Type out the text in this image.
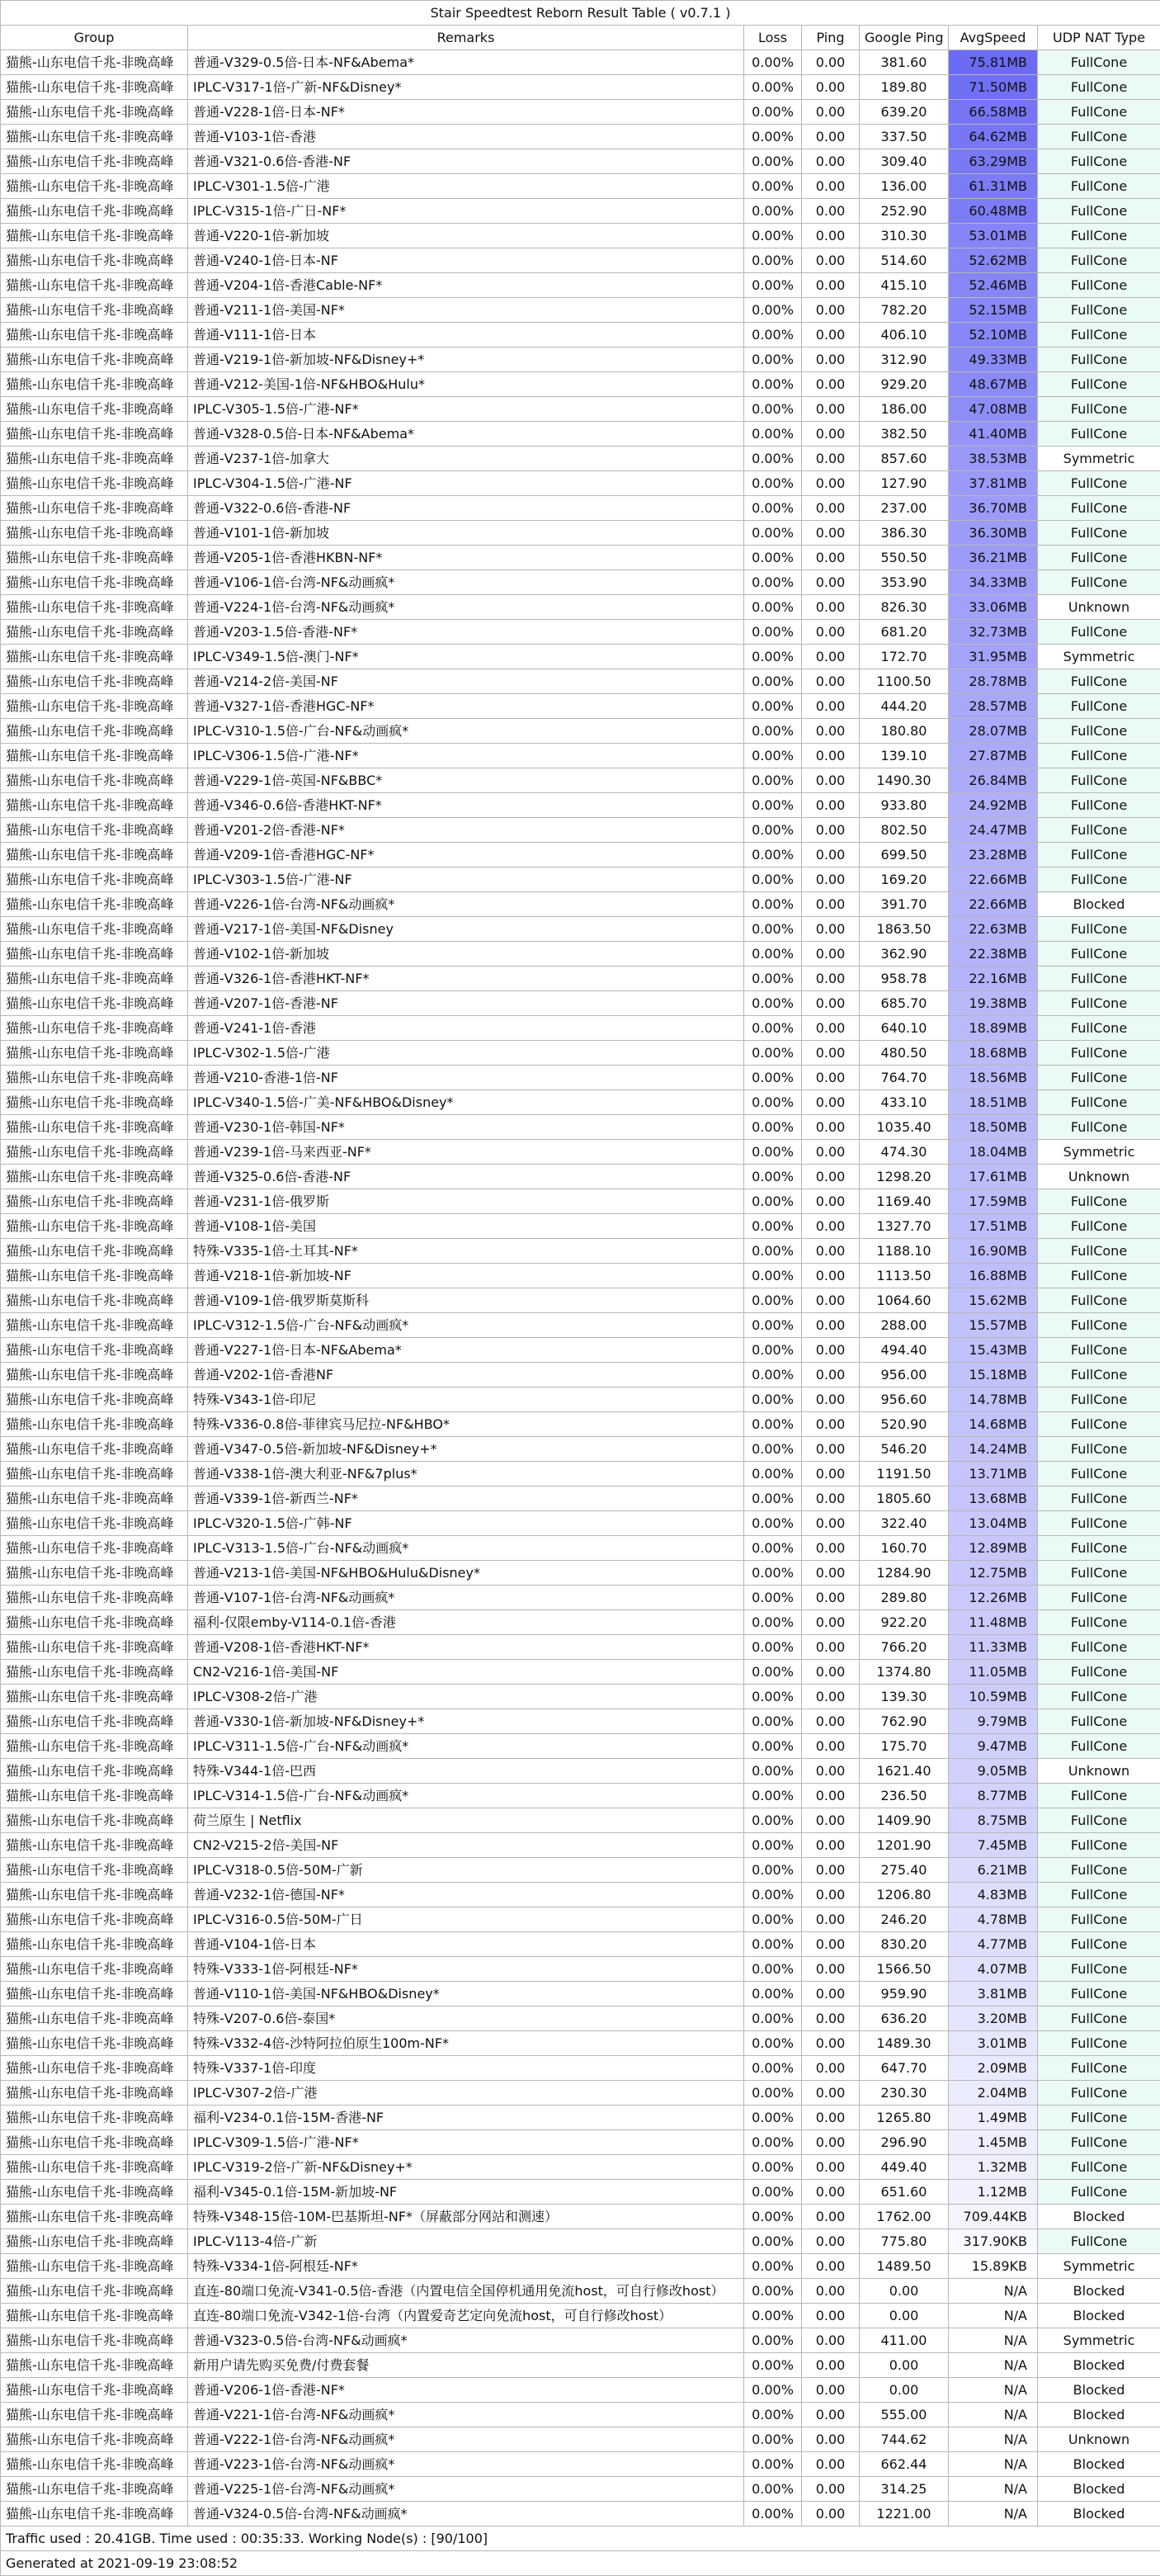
Stair Speedtest Reborn Result Table ( v0.7.1 )						
Group	Remarks	Loss	Ping	Google Ping	AvgSpeed	UDP NAT Type
猫熊-山东电信千兆-非晚高峰	普通-V329-0.5倍-日本-NF&Abema*	0.00%	0.00	381.60	75.81MB	FullCone
猫熊-山东电信千兆-非晚高峰	IPLC-V317-1倍-广新-NF&Disney*	0.00%	0.00	189.80	71.50MB	FullCone
猫熊-山东电信千兆-非晚高峰	普通-V228-1倍-日本-NF*	0.00%	0.00	639.20	66.58MB	FullCone
猫熊-山东电信千兆-非晚高峰	普通-V103-1倍-香港	0.00%	0.00	337.50	64.62MB	FullCone
猫熊-山东电信千兆-非晚高峰	普通-V321-0.6倍-香港-NF	0.00%	0.00	309.40	63.29MB	FullCone
猫熊-山东电信千兆-非晚高峰	IPLC-V301-1.5倍-广港	0.00%	0.00	136.00	61.31MB	FullCone
猫熊-山东电信千兆-非晚高峰	IPLC-V315-1倍-广日-NF*	0.00%	0.00	252.90	60.48MB	FullCone
猫熊-山东电信千兆-非晚高峰	普通-V220-1倍-新加坡	0.00%	0.00	310.30	53.01MB	FullCone
猫熊-山东电信千兆-非晚高峰	普通-V240-1倍-日本-NF	0.00%	0.00	514.60	52.62MB	FullCone
猫熊-山东电信千兆-非晚高峰	普通-V204-1倍-香港Cable-NF*	0.00%	0.00	415.10	52.46MB	FullCone
猫熊-山东电信千兆-非晚高峰	普通-V211-1倍-美国-NF*	0.00%	0.00	782.20	52.15MB	FullCone
猫熊-山东电信千兆-非晚高峰	普通-V111-1倍-日本	0.00%	0.00	406.10	52.10MB	FullCone
猫熊-山东电信千兆-非晚高峰	普通-V219-1倍-新加坡-NF&Disney+*	0.00%	0.00	312.90	49.33MB	FullCone
猫熊-山东电信千兆-非晚高峰	普通-V212-美国-1倍-NF&HBO&Hulu*	0.00%	0.00	929.20	48.67MB	FullCone
猫熊-山东电信千兆-非晚高峰	IPLC-V305-1.5倍-广港-NF*	0.00%	0.00	186.00	47.08MB	FullCone
猫熊-山东电信千兆-非晚高峰	普通-V328-0.5倍-日本-NF&Abema*	0.00%	0.00	382.50	41.40MB	FullCone
猫熊-山东电信千兆-非晚高峰	普通-V237-1倍-加拿大	0.00%	0.00	857.60	38.53MB	Symmetric
猫熊-山东电信千兆-非晚高峰	IPLC-V304-1.5倍-广港-NF	0.00%	0.00	127.90	37.81MB	FullCone
猫熊-山东电信千兆-非晚高峰	普通-V322-0.6倍-香港-NF	0.00%	0.00	237.00	36.70MB	FullCone
猫熊-山东电信千兆-非晚高峰	普通-V101-1倍-新加坡	0.00%	0.00	386.30	36.30MB	FullCone
猫熊-山东电信千兆-非晚高峰	普通-V205-1倍-香港HKBN-NF*	0.00%	0.00	550.50	36.21MB	FullCone
猫熊-山东电信千兆-非晚高峰	普通-V106-1倍-台湾-NF&动画疯*	0.00%	0.00	353.90	34.33MB	FullCone
猫熊-山东电信千兆-非晚高峰	普通-V224-1倍-台湾-NF&动画疯*	0.00%	0.00	826.30	33.06MB	Unknown
猫熊-山东电信千兆-非晚高峰	普通-V203-1.5倍-香港-NF*	0.00%	0.00	681.20	32.73MB	FullCone
猫熊-山东电信千兆-非晚高峰	IPLC-V349-1.5倍-澳门-NF*	0.00%	0.00	172.70	31.95MB	Symmetric
猫熊-山东电信千兆-非晚高峰	普通-V214-2倍-美国-NF	0.00%	0.00	1100.50	28.78MB	FullCone
猫熊-山东电信千兆-非晚高峰	普通-V327-1倍-香港HGC-NF*	0.00%	0.00	444.20	28.57MB	FullCone
猫熊-山东电信千兆-非晚高峰	IPLC-V310-1.5倍-广台-NF&动画疯*	0.00%	0.00	180.80	28.07MB	FullCone
猫熊-山东电信千兆-非晚高峰	IPLC-V306-1.5倍-广港-NF*	0.00%	0.00	139.10	27.87MB	FullCone
猫熊-山东电信千兆-非晚高峰	普通-V229-1倍-英国-NF&BBC*	0.00%	0.00	1490.30	26.84MB	FullCone
猫熊-山东电信千兆-非晚高峰	普通-V346-0.6倍-香港HKT-NF*	0.00%	0.00	933.80	24.92MB	FullCone
猫熊-山东电信千兆-非晚高峰	普通-V201-2倍-香港-NF*	0.00%	0.00	802.50	24.47MB	FullCone
猫熊-山东电信千兆-非晚高峰	普通-V209-1倍-香港HGC-NF*	0.00%	0.00	699.50	23.28MB	FullCone
猫熊-山东电信千兆-非晚高峰	IPLC-V303-1.5倍-广港-NF	0.00%	0.00	169.20	22.66MB	FullCone
猫熊-山东电信千兆-非晚高峰	普通-V226-1倍-台湾-NF&动画疯*	0.00%	0.00	391.70	22.66MB	Blocked
猫熊-山东电信千兆-非晚高峰	普通-V217-1倍-美国-NF&Disney	0.00%	0.00	1863.50	22.63MB	FullCone
猫熊-山东电信千兆-非晚高峰	普通-V102-1倍-新加坡	0.00%	0.00	362.90	22.38MB	FullCone
猫熊-山东电信千兆-非晚高峰	普通-V326-1倍-香港HKT-NF*	0.00%	0.00	958.78	22.16MB	FullCone
猫熊-山东电信千兆-非晚高峰	普通-V207-1倍-香港-NF	0.00%	0.00	685.70	19.38MB	FullCone
猫熊-山东电信千兆-非晚高峰	普通-V241-1倍-香港	0.00%	0.00	640.10	18.89MB	FullCone
猫熊-山东电信千兆-非晚高峰	IPLC-V302-1.5倍-广港	0.00%	0.00	480.50	18.68MB	FullCone
猫熊-山东电信千兆-非晚高峰	普通-V210-香港-1倍-NF	0.00%	0.00	764.70	18.56MB	FullCone
猫熊-山东电信千兆-非晚高峰	IPLC-V340-1.5倍-广美-NF&HBO&Disney*	0.00%	0.00	433.10	18.51MB	FullCone
猫熊-山东电信千兆-非晚高峰	普通-V230-1倍-韩国-NF*	0.00%	0.00	1035.40	18.50MB	FullCone
猫熊-山东电信千兆-非晚高峰	普通-V239-1倍-马来西亚-NF*	0.00%	0.00	474.30	18.04MB	Symmetric
猫熊-山东电信千兆-非晚高峰	普通-V325-0.6倍-香港-NF	0.00%	0.00	1298.20	17.61MB	Unknown
猫熊-山东电信千兆-非晚高峰	普通-V231-1倍-俄罗斯	0.00%	0.00	1169.40	17.59MB	FullCone
猫熊-山东电信千兆-非晚高峰	普通-V108-1倍-美国	0.00%	0.00	1327.70	17.51MB	FullCone
猫熊-山东电信千兆-非晚高峰	特殊-V335-1倍-土耳其-NF*	0.00%	0.00	1188.10	16.90MB	FullCone
猫熊-山东电信千兆-非晚高峰	普通-V218-1倍-新加坡-NF	0.00%	0.00	1113.50	16.88MB	FullCone
猫熊-山东电信千兆-非晚高峰	普通-V109-1倍-俄罗斯莫斯科	0.00%	0.00	1064.60	15.62MB	FullCone
猫熊-山东电信千兆-非晚高峰	IPLC-V312-1.5倍-广台-NF&动画疯*	0.00%	0.00	288.00	15.57MB	FullCone
猫熊-山东电信千兆-非晚高峰	普通-V227-1倍-日本-NF&Abema*	0.00%	0.00	494.40	15.43MB	FullCone
猫熊-山东电信千兆-非晚高峰	普通-V202-1倍-香港NF	0.00%	0.00	956.00	15.18MB	FullCone
猫熊-山东电信千兆-非晚高峰	特殊-V343-1倍-印尼	0.00%	0.00	956.60	14.78MB	FullCone
猫熊-山东电信千兆-非晚高峰	特殊-V336-0.8倍-菲律宾马尼拉-NF&HBO*	0.00%	0.00	520.90	14.68MB	FullCone
猫熊-山东电信千兆-非晚高峰	普通-V347-0.5倍-新加坡-NF&Disney+*	0.00%	0.00	546.20	14.24MB	FullCone
猫熊-山东电信千兆-非晚高峰	普通-V338-1倍-澳大利亚-NF&7plus*	0.00%	0.00	1191.50	13.71MB	FullCone
猫熊-山东电信千兆-非晚高峰	普通-V339-1倍-新西兰-NF*	0.00%	0.00	1805.60	13.68MB	FullCone
猫熊-山东电信千兆-非晚高峰	IPLC-V320-1.5倍-广韩-NF	0.00%	0.00	322.40	13.04MB	FullCone
猫熊-山东电信千兆-非晚高峰	IPLC-V313-1.5倍-广台-NF&动画疯*	0.00%	0.00	160.70	12.89MB	FullCone
猫熊-山东电信千兆-非晚高峰	普通-V213-1倍-美国-NF&HBO&Hulu&Disney*	0.00%	0.00	1284.90	12.75MB	FullCone
猫熊-山东电信千兆-非晚高峰	普通-V107-1倍-台湾-NF&动画疯*	0.00%	0.00	289.80	12.26MB	FullCone
猫熊-山东电信千兆-非晚高峰	福利-仅限emby-V114-0.1倍-香港	0.00%	0.00	922.20	11.48MB	FullCone
猫熊-山东电信千兆-非晚高峰	普通-V208-1倍-香港HKT-NF*	0.00%	0.00	766.20	11.33MB	FullCone
猫熊-山东电信千兆-非晚高峰	CN2-V216-1倍-美国-NF	0.00%	0.00	1374.80	11.05MB	FullCone
猫熊-山东电信千兆-非晚高峰	IPLC-V308-2倍-广港	0.00%	0.00	139.30	10.59MB	FullCone
猫熊-山东电信千兆-非晚高峰	普通-V330-1倍-新加坡-NF&Disney+*	0.00%	0.00	762.90	9.79MB	FullCone
猫熊-山东电信千兆-非晚高峰	IPLC-V311-1.5倍-广台-NF&动画疯*	0.00%	0.00	175.70	9.47MB	FullCone
猫熊-山东电信千兆-非晚高峰	特殊-V344-1倍-巴西	0.00%	0.00	1621.40	9.05MB	Unknown
猫熊-山东电信千兆-非晚高峰	IPLC-V314-1.5倍-广台-NF&动画疯*	0.00%	0.00	236.50	8.77MB	FullCone
猫熊-山东电信千兆-非晚高峰	荷兰原生 | Netflix	0.00%	0.00	1409.90	8.75MB	FullCone
猫熊-山东电信千兆-非晚高峰	CN2-V215-2倍-美国-NF	0.00%	0.00	1201.90	7.45MB	FullCone
猫熊-山东电信千兆-非晚高峰	IPLC-V318-0.5倍-50M-广新	0.00%	0.00	275.40	6.21MB	FullCone
猫熊-山东电信千兆-非晚高峰	普通-V232-1倍-德国-NF*	0.00%	0.00	1206.80	4.83MB	FullCone
猫熊-山东电信千兆-非晚高峰	IPLC-V316-0.5倍-50M-广日	0.00%	0.00	246.20	4.78MB	FullCone
猫熊-山东电信千兆-非晚高峰	普通-V104-1倍-日本	0.00%	0.00	830.20	4.77MB	FullCone
猫熊-山东电信千兆-非晚高峰	特殊-V333-1倍-阿根廷-NF*	0.00%	0.00	1566.50	4.07MB	FullCone
猫熊-山东电信千兆-非晚高峰	普通-V110-1倍-美国-NF&HBO&Disney*	0.00%	0.00	959.90	3.81MB	FullCone
猫熊-山东电信千兆-非晚高峰	特殊-V207-0.6倍-泰国*	0.00%	0.00	636.20	3.20MB	FullCone
猫熊-山东电信千兆-非晚高峰	特殊-V332-4倍-沙特阿拉伯原生100m-NF*	0.00%	0.00	1489.30	3.01MB	FullCone
猫熊-山东电信千兆-非晚高峰	特殊-V337-1倍-印度	0.00%	0.00	647.70	2.09MB	FullCone
猫熊-山东电信千兆-非晚高峰	IPLC-V307-2倍-广港	0.00%	0.00	230.30	2.04MB	FullCone
猫熊-山东电信千兆-非晚高峰	福利-V234-0.1倍-15M-香港-NF	0.00%	0.00	1265.80	1.49MB	FullCone
猫熊-山东电信千兆-非晚高峰	IPLC-V309-1.5倍-广港-NF*	0.00%	0.00	296.90	1.45MB	FullCone
猫熊-山东电信千兆-非晚高峰	IPLC-V319-2倍-广新-NF&Disney+*	0.00%	0.00	449.40	1.32MB	FullCone
猫熊-山东电信千兆-非晚高峰	福利-V345-0.1倍-15M-新加坡-NF	0.00%	0.00	651.60	1.12MB	FullCone
猫熊-山东电信千兆-非晚高峰	特殊-V348-15倍-10M-巴基斯坦-NF*（屏蔽部分网站和测速）	0.00%	0.00	1762.00	709.44KB	Blocked
猫熊-山东电信千兆-非晚高峰	IPLC-V113-4倍-广新	0.00%	0.00	775.80	317.90KB	FullCone
猫熊-山东电信千兆-非晚高峰	特殊-V334-1倍-阿根廷-NF*	0.00%	0.00	1489.50	15.89KB	Symmetric
猫熊-山东电信千兆-非晚高峰	直连-80端口免流-V341-0.5倍-香港（内置电信全国停机通用免流host，可自行修改host）	0.00%	0.00	0.00	N/A	Blocked
猫熊-山东电信千兆-非晚高峰	直连-80端口免流-V342-1倍-台湾（内置爱奇艺定向免流host，可自行修改host）	0.00%	0.00	0.00	N/A	Blocked
猫熊-山东电信千兆-非晚高峰	普通-V323-0.5倍-台湾-NF&动画疯*	0.00%	0.00	411.00	N/A	Symmetric
猫熊-山东电信千兆-非晚高峰	新用户请先购买免费/付费套餐	0.00%	0.00	0.00	N/A	Blocked
猫熊-山东电信千兆-非晚高峰	普通-V206-1倍-香港-NF*	0.00%	0.00	0.00	N/A	Blocked
猫熊-山东电信千兆-非晚高峰	普通-V221-1倍-台湾-NF&动画疯*	0.00%	0.00	555.00	N/A	Blocked
猫熊-山东电信千兆-非晚高峰	普通-V222-1倍-台湾-NF&动画疯*	0.00%	0.00	744.62	N/A	Unknown
猫熊-山东电信千兆-非晚高峰	普通-V223-1倍-台湾-NF&动画疯*	0.00%	0.00	662.44	N/A	Blocked
猫熊-山东电信千兆-非晚高峰	普通-V225-1倍-台湾-NF&动画疯*	0.00%	0.00	314.25	N/A	Blocked
猫熊-山东电信千兆-非晚高峰	普通-V324-0.5倍-台湾-NF&动画疯*	0.00%	0.00	1221.00	N/A	Blocked
Traffic used : 20.41GB. Time used : 00:35:33. Working Node(s) : [90/100]						
Generated at 2021-09-19 23:08:52						
